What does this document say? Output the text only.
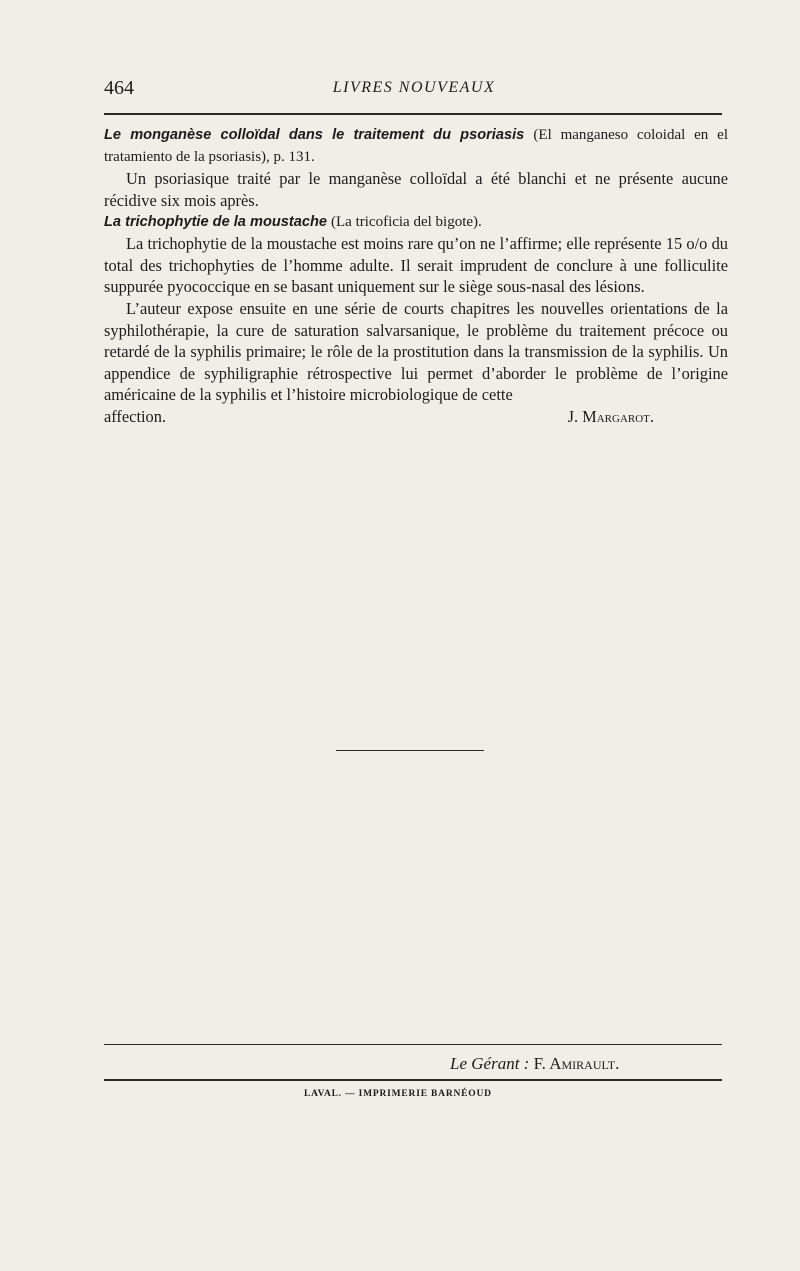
464	LIVRES NOUVEAUX

Le monganèse colloïdal dans le traitement du psoriasis (El manganeso coloidal en el tratamiento de la psoriasis), p. 131.

Un psoriasique traité par le manganèse colloïdal a été blanchi et ne présente aucune récidive six mois après.

La trichophytie de la moustache (La tricoficia del bigote).

La trichophytie de la moustache est moins rare qu’on ne l’affirme; elle représente 15 o/o du total des trichophyties de l’homme adulte. Il serait imprudent de conclure à une folliculite suppurée pyococcique en se basant uniquement sur le siège sous-nasal des lésions.

L’auteur expose ensuite en une série de courts chapitres les nouvelles orientations de la syphilothérapie, la cure de saturation salvarsanique, le problème du traitement précoce ou retardé de la syphilis primaire; le rôle de la prostitution dans la transmission de la syphilis. Un appendice de syphiligraphie rétrospective lui permet d’aborder le problème de l’origine américaine de la syphilis et l’histoire microbiologique de cette

affection.	J. Margarot.
Le Gérant : F. Amirault.
LAVAL. — IMPRIMERIE BARNÉOUD
